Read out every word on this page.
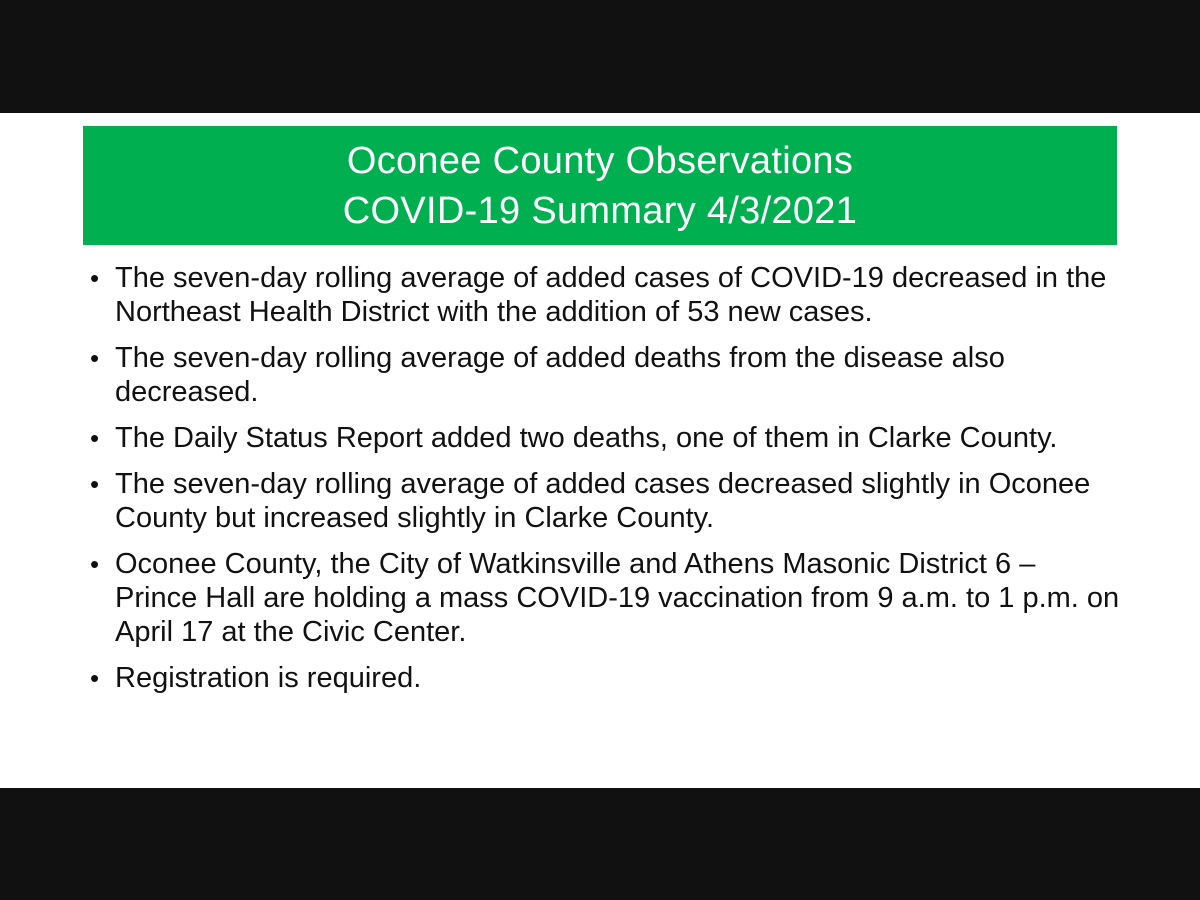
Oconee County Observations
COVID-19 Summary 4/3/2021
• The seven-day rolling average of added cases of COVID-19 decreased in the Northeast Health District with the addition of 53 new cases.
• The seven-day rolling average of added deaths from the disease also decreased.
• The Daily Status Report added two deaths, one of them in Clarke County.
• The seven-day rolling average of added cases decreased slightly in Oconee County but increased slightly in Clarke County.
• Oconee County, the City of Watkinsville and Athens Masonic District 6 – Prince Hall are holding a mass COVID-19 vaccination from 9 a.m. to 1 p.m. on April 17 at the Civic Center.
• Registration is required.
